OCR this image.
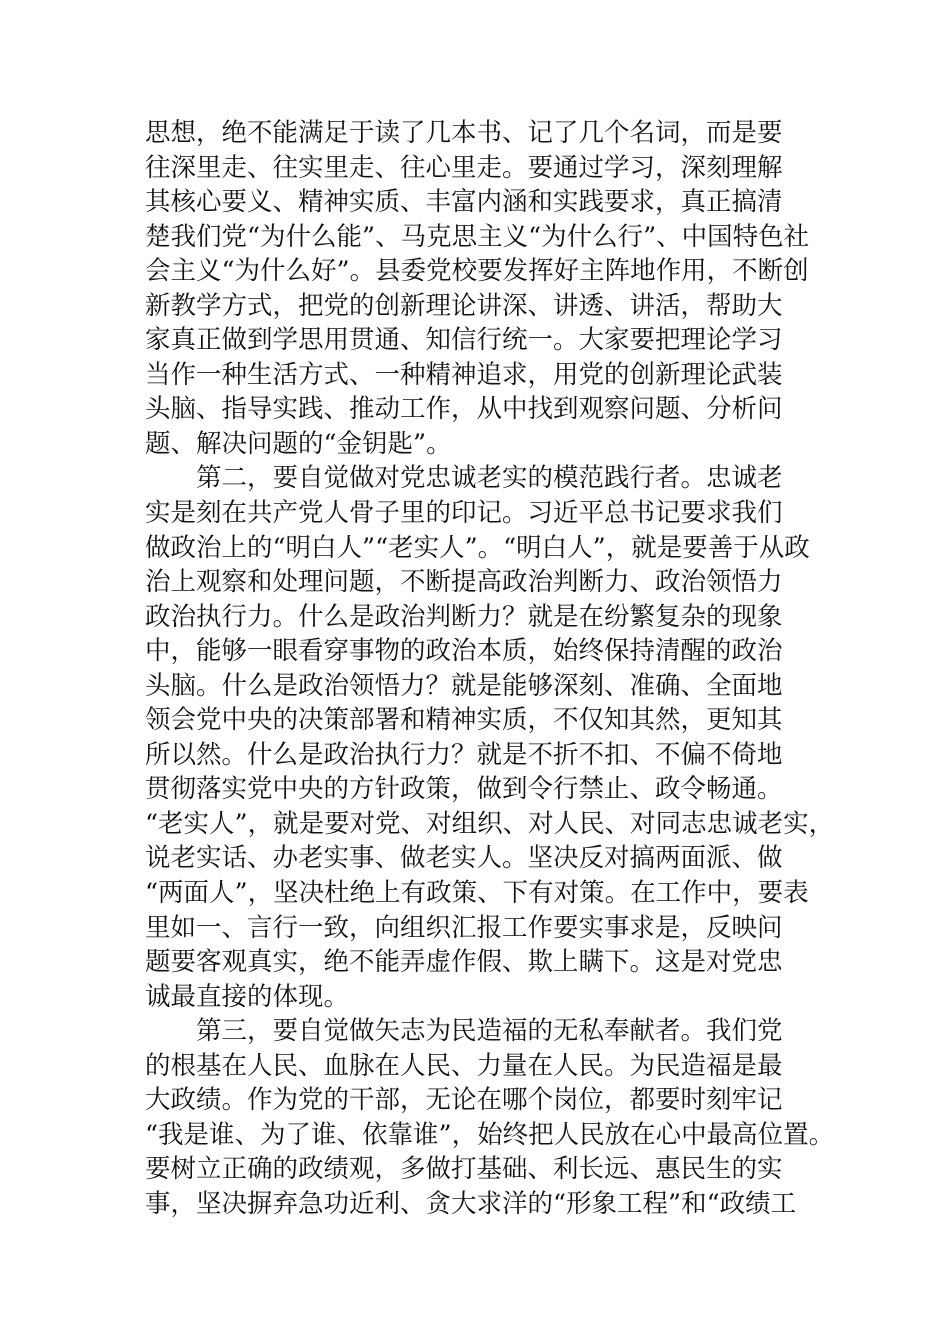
思想，绝不能满足于读了几本书、记了几个名词，而是要
往深里走、往实里走、往心里走。要通过学习，深刻理解
其核心要义、精神实质、丰富内涵和实践要求，真正搞清
楚我们党“为什么能”、马克思主义“为什么行”、中国特色社
会主义“为什么好”。县委党校要发挥好主阵地作用，不断创
新教学方式，把党的创新理论讲深、讲透、讲活，帮助大
家真正做到学思用贯通、知信行统一。大家要把理论学习
当作一种生活方式、一种精神追求，用党的创新理论武装
头脑、指导实践、推动工作，从中找到观察问题、分析问
题、解决问题的“金钥匙”。
第二，要自觉做对党忠诚老实的模范践行者。忠诚老
实是刻在共产党人骨子里的印记。习近平总书记要求我们
做政治上的“明白人”“老实人”。“明白人”，就是要善于从政
治上观察和处理问题，不断提高政治判断力、政治领悟力
政治执行力。什么是政治判断力？就是在纷繁复杂的现象
中，能够一眼看穿事物的政治本质，始终保持清醒的政治
头脑。什么是政治领悟力？就是能够深刻、准确、全面地
领会党中央的决策部署和精神实质，不仅知其然，更知其
所以然。什么是政治执行力？就是不折不扣、不偏不倚地
贯彻落实党中央的方针政策，做到令行禁止、政令畅通。
“老实人”，就是要对党、对组织、对人民、对同志忠诚老实，
说老实话、办老实事、做老实人。坚决反对搞两面派、做
“两面人”，坚决杜绝上有政策、下有对策。在工作中，要表
里如一、言行一致，向组织汇报工作要实事求是，反映问
题要客观真实，绝不能弄虚作假、欺上瞒下。这是对党忠
诚最直接的体现。
第三，要自觉做矢志为民造福的无私奉献者。我们党
的根基在人民、血脉在人民、力量在人民。为民造福是最
大政绩。作为党的干部，无论在哪个岗位，都要时刻牢记
“我是谁、为了谁、依靠谁”，始终把人民放在心中最高位置。
要树立正确的政绩观，多做打基础、利长远、惠民生的实
事，坚决摒弃急功近利、贪大求洋的“形象工程”和“政绩工
